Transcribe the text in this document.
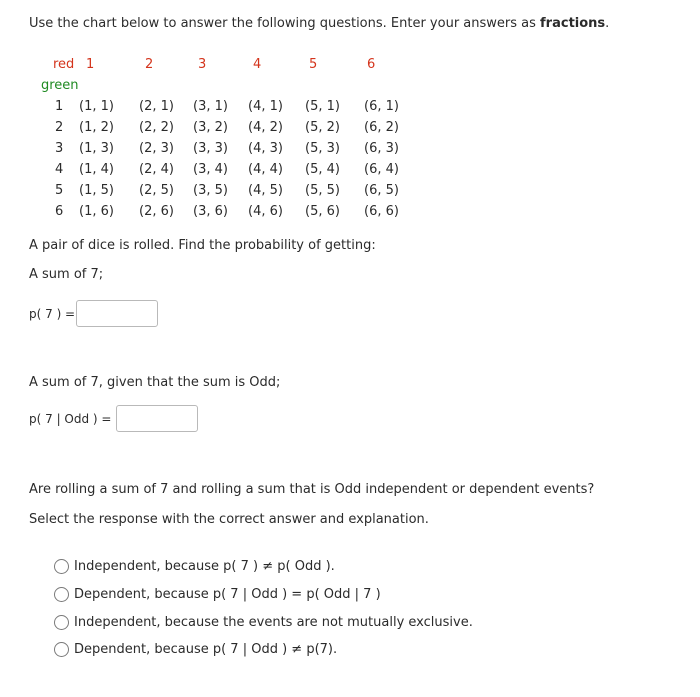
Use the chart below to answer the following questions. Enter your answers as fractions.
red 1	2	3	4	5	6
green
1 (1, 1) (2, 1) (3, 1) (4, 1) (5, 1) (6, 1)
2 (1, 2) (2, 2) (3, 2) (4, 2) (5, 2) (6, 2)
3 (1, 3) (2, 3) (3, 3) (4, 3) (5, 3) (6, 3)
4 (1, 4) (2, 4) (3, 4) (4, 4) (5, 4) (6, 4)
5 (1, 5) (2, 5) (3, 5) (4, 5) (5, 5) (6, 5)
6 (1, 6) (2, 6) (3, 6) (4, 6) (5, 6) (6, 6)
A pair of dice is rolled. Find the probability of getting:
A sum of 7;
p( 7 ) =
A sum of 7, given that the sum is Odd;
p( 7 | Odd ) =
Are rolling a sum of 7 and rolling a sum that is Odd independent or dependent events?
Select the response with the correct answer and explanation.
Independent, because p( 7 ) ≠ p( Odd ).
Dependent, because p( 7 | Odd ) = p( Odd | 7 )
Independent, because the events are not mutually exclusive.
Dependent, because p( 7 | Odd ) ≠ p(7).
